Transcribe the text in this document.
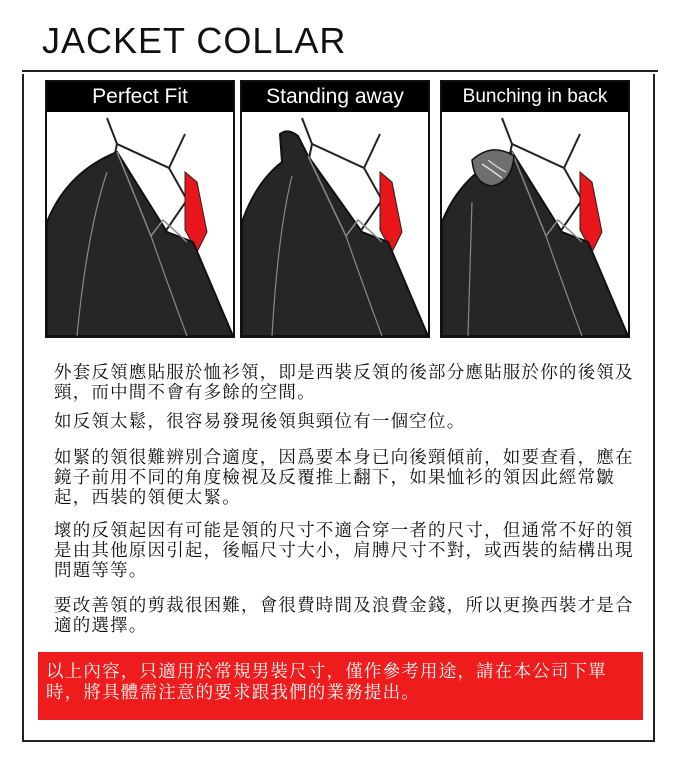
JACKET COLLAR
Perfect Fit	Standing away	Bunching in back
外套反領應貼服於恤衫領，即是西裝反領的後部分應貼服於你的後領及頸，而中間不會有多餘的空間。
如反領太鬆，很容易發現後領與頸位有一個空位。
如緊的領很難辨別合適度，因爲要本身已向後頸傾前，如要查看，應在鏡子前用不同的角度檢視及反覆推上翻下，如果恤衫的領因此經常皺起，西裝的領便太緊。
壞的反領起因有可能是領的尺寸不適合穿一者的尺寸，但通常不好的領是由其他原因引起，後幅尺寸大小，肩膊尺寸不對，或西裝的結構出現問題等等。
要改善領的剪裁很困難，會很費時間及浪費金錢，所以更換西裝才是合適的選擇。
以上內容，只適用於常規男裝尺寸，僅作參考用途，請在本公司下單時，將具體需注意的要求跟我們的業務提出。
